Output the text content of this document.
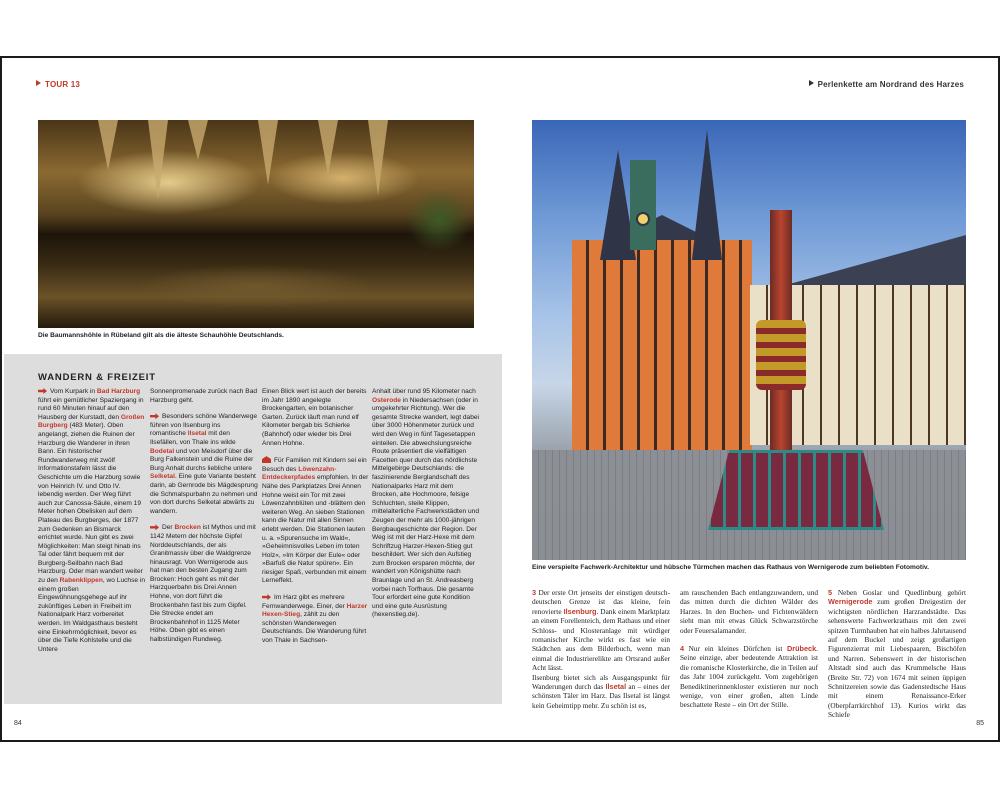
TOUR 13	Perlenkette am Nordrand des Harzes
Die Baumannshöhle in Rübeland gilt als die älteste Schauhöhle Deutschlands.
WANDERN & FREIZEIT

Vom Kurpark in Bad Harzburg führt ein gemütlicher Spaziergang in rund 60 Minuten hinauf auf den Hausberg der Kurstadt, den Großen Burgberg (483 Meter). Oben angelangt, ziehen die Ruinen der Harzburg die Wanderer in ihren Bann. Ein historischer Rundwanderweg mit zwölf Informationstafeln lässt die Geschichte um die Harzburg sowie von Heinrich IV. und Otto IV. lebendig werden. Der Weg führt auch zur Canossa-Säule, einem 19 Meter hohen Obelisken auf dem Plateau des Burgberges, der 1877 zum Gedenken an Bismarck errichtet wurde. Nun gibt es zwei Möglichkeiten: Man steigt hinab ins Tal oder fährt bequem mit der Burgberg-Seilbahn nach Bad Harzburg. Oder man wandert weiter zu den Rabenklippen, wo Luchse in einem großen Eingewöhnungsgehege auf ihr zukünftiges Leben in Freiheit im Nationalpark Harz vorbereitet werden. Im Waldgasthaus besteht eine Einkehrmöglichkeit, bevor es über die Tiefe Kohlstelle und die Untere

Sonnenpromenade zurück nach Bad Harzburg geht.

Besonders schöne Wanderwege führen von Ilsenburg ins romantische Ilsetal mit den Ilsefällen, von Thale ins wilde Bodetal und von Meisdorf über die Burg Falkenstein und die Ruine der Burg Anhalt durchs liebliche untere Selketal. Eine gute Variante besteht darin, ab Gernrode bis Mägdesprung die Schmalspurbahn zu nehmen und von dort durchs Selketal abwärts zu wandern.

Der Brocken ist Mythos und mit 1142 Metern der höchste Gipfel Norddeutschlands, der als Granitmassiv über die Waldgrenze hinausragt. Von Wernigerode aus hat man den besten Zugang zum Brocken: Hoch geht es mit der Harzquerbahn bis Drei Annen Hohne, von dort führt die Brockenbahn fast bis zum Gipfel. Die Strecke endet am Brockenbahnhof in 1125 Meter Höhe. Oben gibt es einen halbstündigen Rundweg.

Einen Blick wert ist auch der bereits im Jahr 1890 angelegte Brockengarten, ein botanischer Garten. Zurück läuft man rund elf Kilometer bergab bis Schierke (Bahnhof) oder wieder bis Drei Annen Hohne.

Für Familien mit Kindern sei ein Besuch des Löwenzahn-Entdeckerpfades empfohlen. In der Nähe des Parkplatzes Drei Annen Hohne weist ein Tor mit zwei Löwenzahnblüten und -blättern den weiteren Weg. An sieben Stationen kann die Natur mit allen Sinnen erlebt werden. Die Stationen lauten u. a. »Spurensuche im Wald«, »Geheimnisvolles Leben im toten Holz«, »Im Körper der Eule« oder »Barfuß die Natur spüren«. Ein riesiger Spaß, verbunden mit einem Lerneffekt.

Im Harz gibt es mehrere Fernwanderwege. Einer, der Harzer Hexen-Stieg, zählt zu den schönsten Wanderwegen Deutschlands. Die Wanderung führt von Thale in Sachsen-

Anhalt über rund 95 Kilometer nach Osterode in Niedersachsen (oder in umgekehrter Richtung). Wer die gesamte Strecke wandert, legt dabei über 3000 Höhenmeter zurück und wird den Weg in fünf Tagesetappen einteilen. Die abwechslungsreiche Route präsentiert die vielfältigen Facetten quer durch das nördlichste Mittelgebirge Deutschlands: die faszinierende Berglandschaft des Nationalparks Harz mit dem Brocken, alte Hochmoore, felsige Schluchten, steile Klippen, mittelalterliche Fachwerkstädten und Zeugen der mehr als 1000-jährigen Bergbaugeschichte der Region. Der Weg ist mit der Harz-Hexe mit dem Schriftzug Harzer-Hexen-Stieg gut beschildert. Wer sich den Aufstieg zum Brocken ersparen möchte, der wandert von Königshütte nach Braunlage und an St. Andreasberg vorbei nach Torfhaus. Die gesamte Tour erfordert eine gute Kondition und eine gute Ausrüstung (hexenstieg.de).

Eine verspielte Fachwerk-Architektur und hübsche Türmchen machen das Rathaus von Wernigerode zum beliebten Fotomotiv.

3 Der erste Ort jenseits der einstigen deutsch-deutschen Grenze ist das kleine, fein renovierte Ilsenburg. Dank einem Marktplatz an einem Forellenteich, dem Rathaus und einer Schloss- und Klosteranlage mit würdiger romanischer Kirche wirkt es fast wie ein Städtchen aus dem Bilderbuch, wenn man einmal die Industrierelikte am Ortsrand außer Acht lässt.

Ilsenburg bietet sich als Ausgangspunkt für Wanderungen durch das Ilsetal an – eines der schönsten Täler im Harz. Das Ilsetal ist längst kein Geheimtipp mehr. Zu schön ist es,

am rauschenden Bach entlangzuwandern, und das mitten durch die dichten Wälder des Harzes. In den Buchen- und Fichtenwäldern sieht man mit etwas Glück Schwarzstörche oder Feuersalamander.

4 Nur ein kleines Dörfchen ist Drübeck. Seine einzige, aber bedeutende Attraktion ist die romanische Klosterkirche, die in Teilen auf das Jahr 1004 zurückgeht. Vom zugehörigen Benediktinerinnenkloster existieren nur noch wenige, von einer großen, alten Linde beschattete Reste – ein Ort der Stille.

5 Neben Goslar und Quedlinburg gehört Wernigerode zum großen Dreigestirn der wichtigsten nördlichen Harzrandstädte. Das sehenswerte Fachwerkrathaus mit den zwei spitzen Turmhauben hat ein halbes Jahrtausend auf dem Buckel und zeigt großartigen Figurenzierrat mit Liebespaaren, Bischöfen und Narren. Sehenswert in der historischen Altstadt sind auch das Krummelsche Haus (Breite Str. 72) von 1674 mit seinen üppigen Schnitzereien sowie das Gadenstedtsche Haus mit einem Renaissance-Erker (Oberpfarrkirchhof 13). Kurios wirkt das Schiefe

84	85
